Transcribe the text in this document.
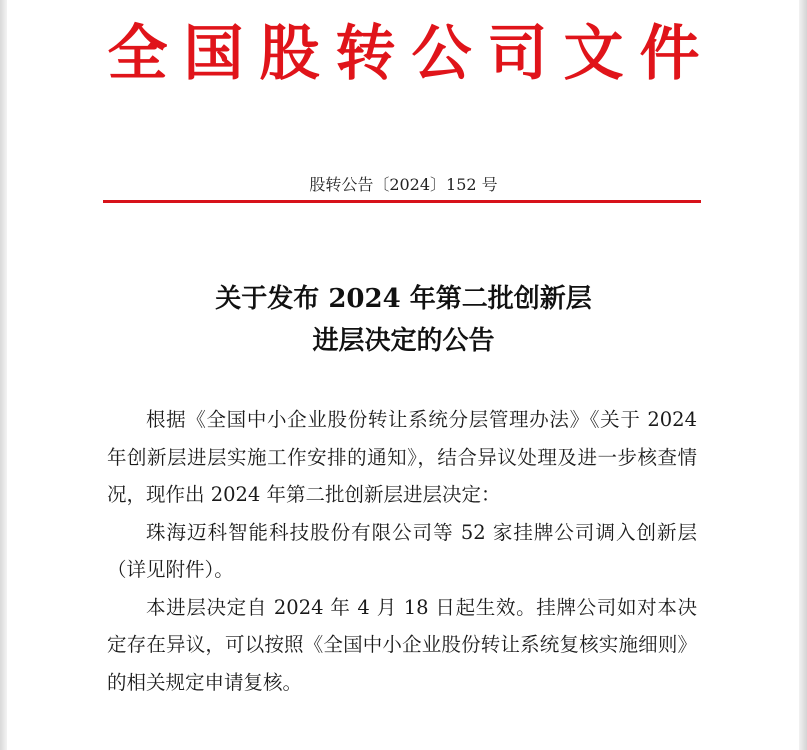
全国股转公司文件
股转公告〔2024〕152 号
关于发布 2024 年第二批创新层
进层决定的公告

根据《全国中小企业股份转让系统分层管理办法》《关于 2024 年创新层进层实施工作安排的通知》，结合异议处理及进一步核查情况，现作出 2024 年第二批创新层进层决定：

珠海迈科智能科技股份有限公司等 52 家挂牌公司调入创新层（详见附件）。

本进层决定自 2024 年 4 月 18 日起生效。挂牌公司如对本决定存在异议，可以按照《全国中小企业股份转让系统复核实施细则》的相关规定申请复核。
